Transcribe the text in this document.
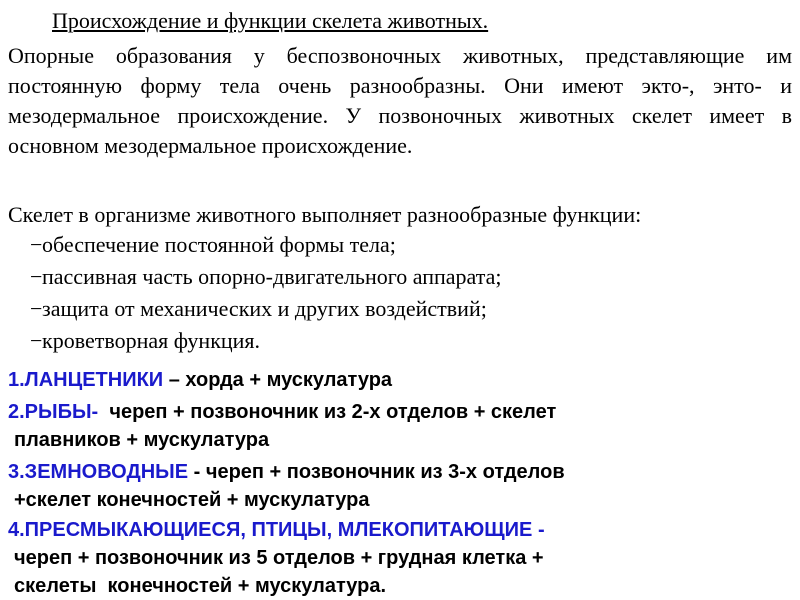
Происхождение и функции скелета животных.
Опорные образования у беспозвоночных животных, представляющие им постоянную форму тела очень разнообразны. Они имеют экто-, энто- и мезодермальное происхождение. У позвоночных животных скелет имеет в основном мезодермальное происхождение.
Скелет в организме животного выполняет разнообразные функции:
−обеспечение постоянной формы тела;
−пассивная часть опорно-двигательного аппарата;
−защита от механических и других воздействий;
−кроветворная функция.
1.ЛАНЦЕТНИКИ – хорда + мускулатура
2.РЫБЫ-  череп + позвоночник из 2-х отделов + скелет
плавников + мускулатура
3.ЗЕМНОВОДНЫЕ - череп + позвоночник из 3-х отделов
+скелет конечностей + мускулатура
4.ПРЕСМЫКАЮЩИЕСЯ, ПТИЦЫ, МЛЕКОПИТАЮЩИЕ -
череп + позвоночник из 5 отделов + грудная клетка +
скелеты  конечностей + мускулатура.
